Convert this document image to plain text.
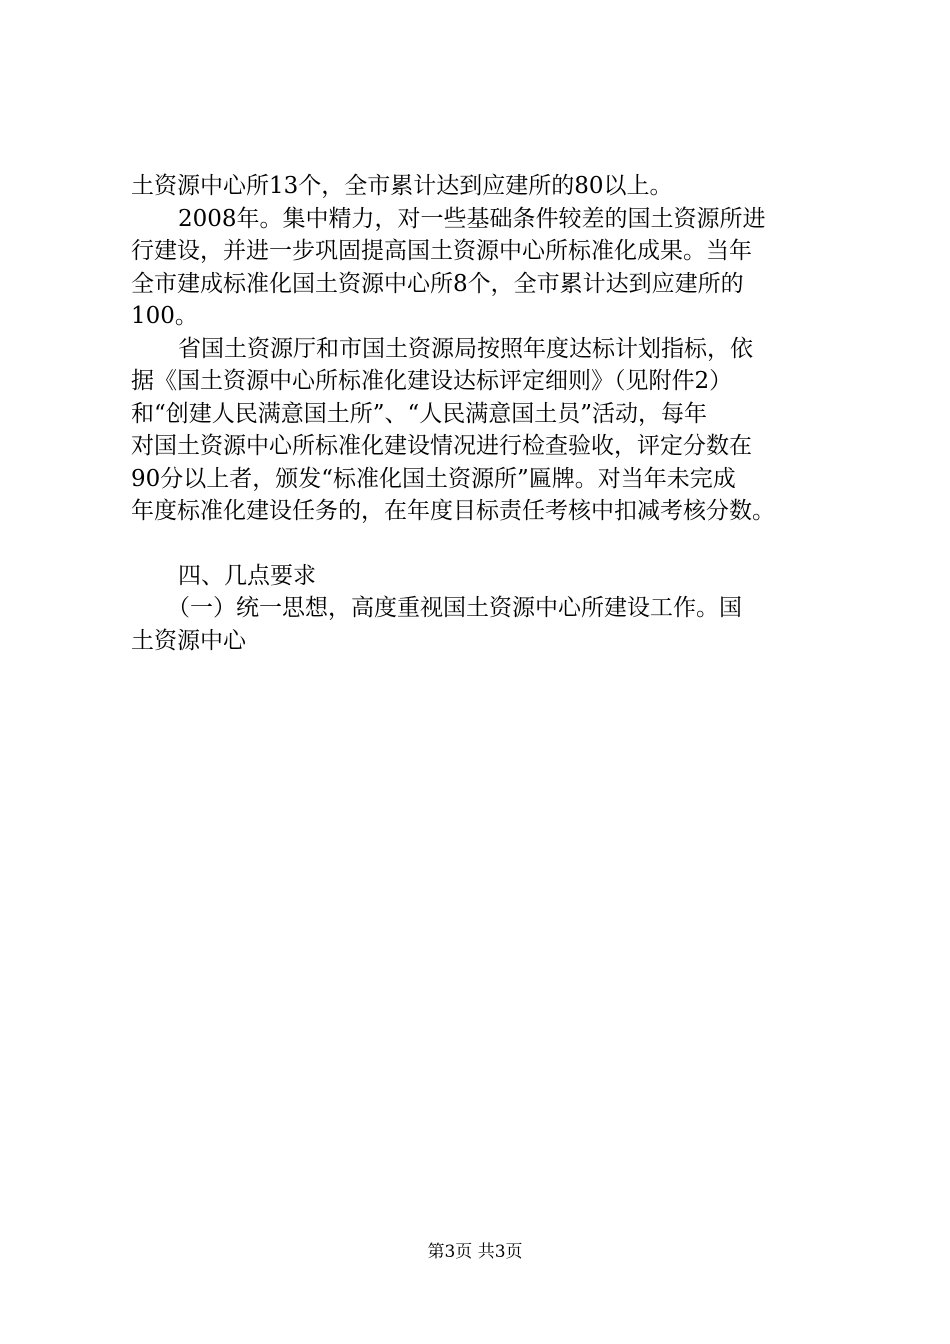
土资源中心所13个，全市累计达到应建所的80以上。
2008年。集中精力，对一些基础条件较差的国土资源所进
行建设，并进一步巩固提高国土资源中心所标准化成果。当年
全市建成标准化国土资源中心所8个，全市累计达到应建所的
100。
省国土资源厅和市国土资源局按照年度达标计划指标，依
据《国土资源中心所标准化建设达标评定细则》（见附件2）
和“创建人民满意国土所”、“人民满意国土员”活动，每年
对国土资源中心所标准化建设情况进行检查验收，评定分数在
90分以上者，颁发“标准化国土资源所”匾牌。对当年未完成
年度标准化建设任务的，在年度目标责任考核中扣减考核分数。
四、几点要求
（一）统一思想，高度重视国土资源中心所建设工作。国
土资源中心
第3页 共3页
